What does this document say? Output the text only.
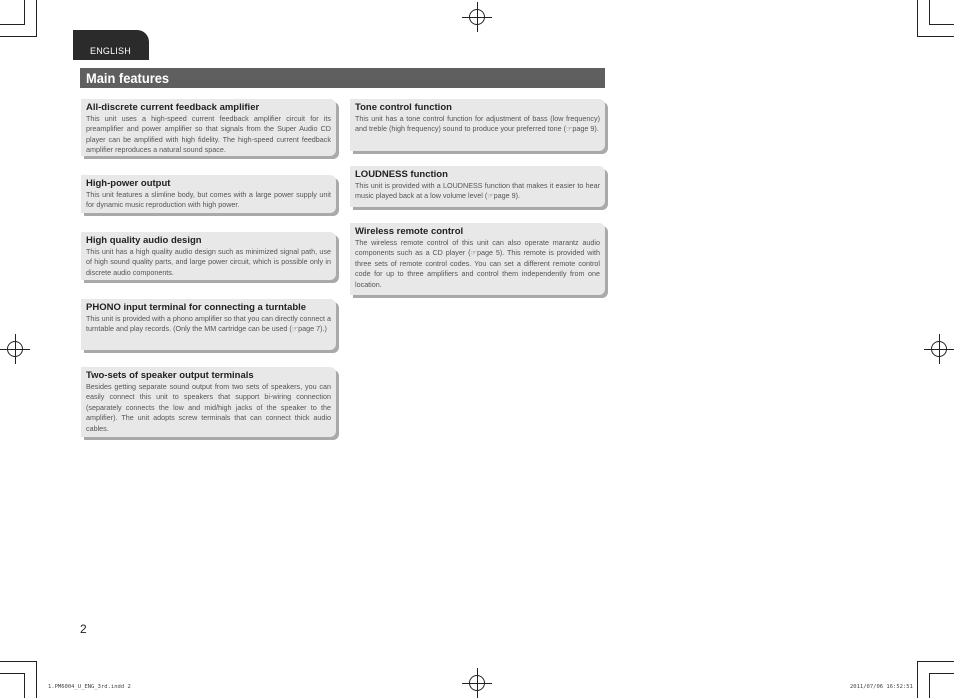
ENGLISH
Main features
All-discrete current feedback amplifier

This unit uses a high-speed current feedback amplifier circuit for its preamplifier and power amplifier so that signals from the Super Audio CD player can be amplified with high fidelity. The high-speed current feedback amplifier reproduces a natural sound space.

High-power output

This unit features a slimline body, but comes with a large power supply unit for dynamic music reproduction with high power.

High quality audio design

This unit has a high quality audio design such as minimized signal path, use of high sound quality parts, and large power circuit, which is possible only in discrete audio components.

PHONO input terminal for connecting a turntable

This unit is provided with a phono amplifier so that you can directly connect a turntable and play records. (Only the MM cartridge can be used (☞page 7).)

Two-sets of speaker output terminals

Besides getting separate sound output from two sets of speakers, you can easily connect this unit to speakers that support bi-wiring connection (separately connects the low and mid/high jacks of the speaker to the amplifier). The unit adopts screw terminals that can connect thick audio cables.

Tone control function

This unit has a tone control function for adjustment of bass (low frequency) and treble (high frequency) sound to produce your preferred tone (☞page 9).

LOUDNESS function

This unit is provided with a LOUDNESS function that makes it easier to hear music played back at a low volume level (☞page 9).

Wireless remote control

The wireless remote control of this unit can also operate marantz audio components such as a CD player (☞page 5). This remote is provided with three sets of remote control codes. You can set a different remote control code for up to three amplifiers and control them independently from one location.

2
1.PM6004_U_ENG_3rd.indd 2	2011/07/06 16:52:51
